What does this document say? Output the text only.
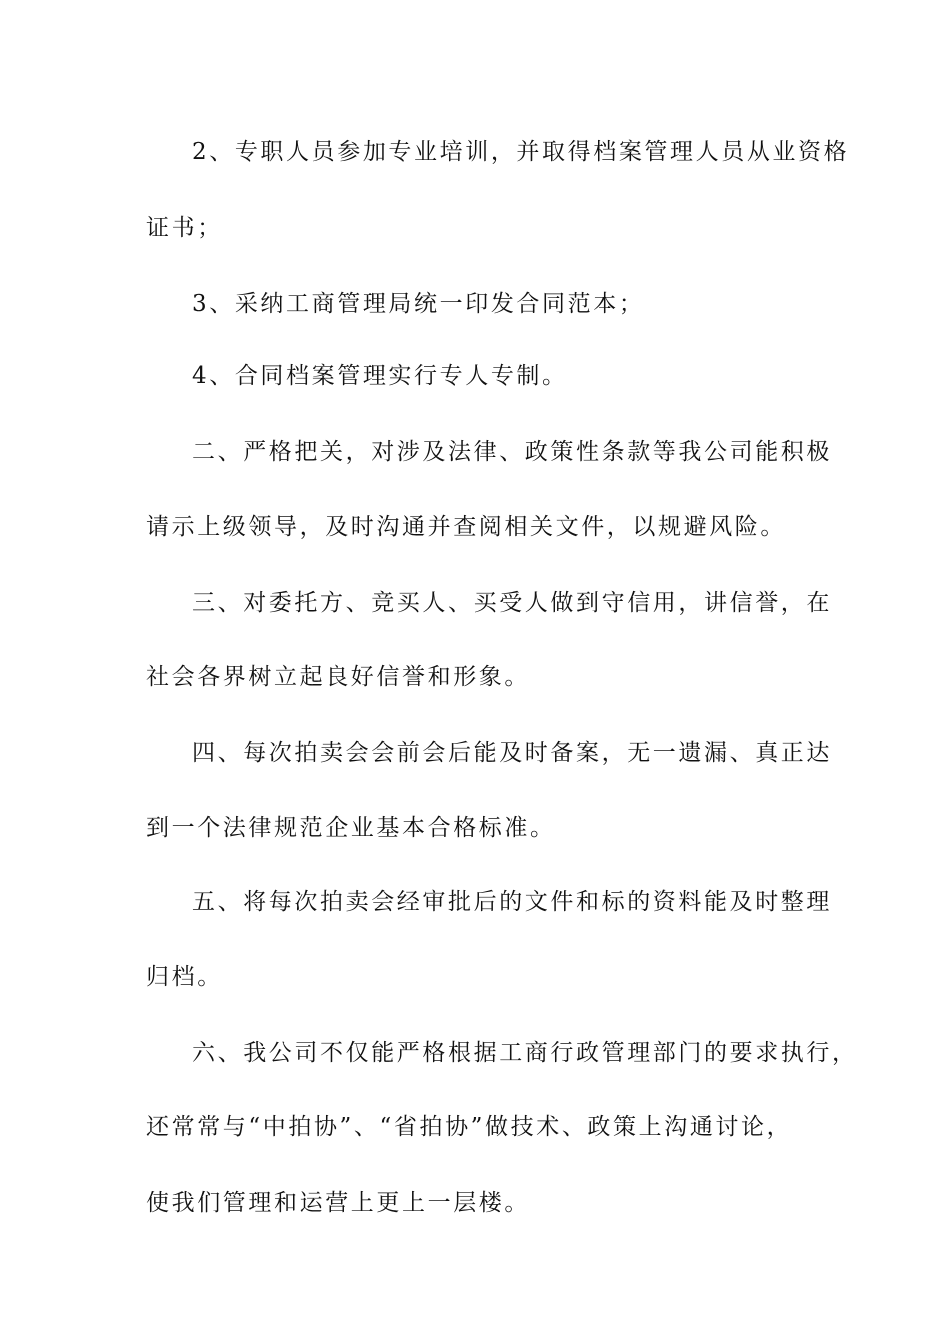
2、专职人员参加专业培训，并取得档案管理人员从业资格
证书；
3、采纳工商管理局统一印发合同范本；
4、合同档案管理实行专人专制。
二、严格把关，对涉及法律、政策性条款等我公司能积极
请示上级领导，及时沟通并查阅相关文件，以规避风险。
三、对委托方、竞买人、买受人做到守信用，讲信誉，在
社会各界树立起良好信誉和形象。
四、每次拍卖会会前会后能及时备案，无一遗漏、真正达
到一个法律规范企业基本合格标准。
五、将每次拍卖会经审批后的文件和标的资料能及时整理
归档。
六、我公司不仅能严格根据工商行政管理部门的要求执行，
还常常与“中拍协”、“省拍协”做技术、政策上沟通讨论，
使我们管理和运营上更上一层楼。
